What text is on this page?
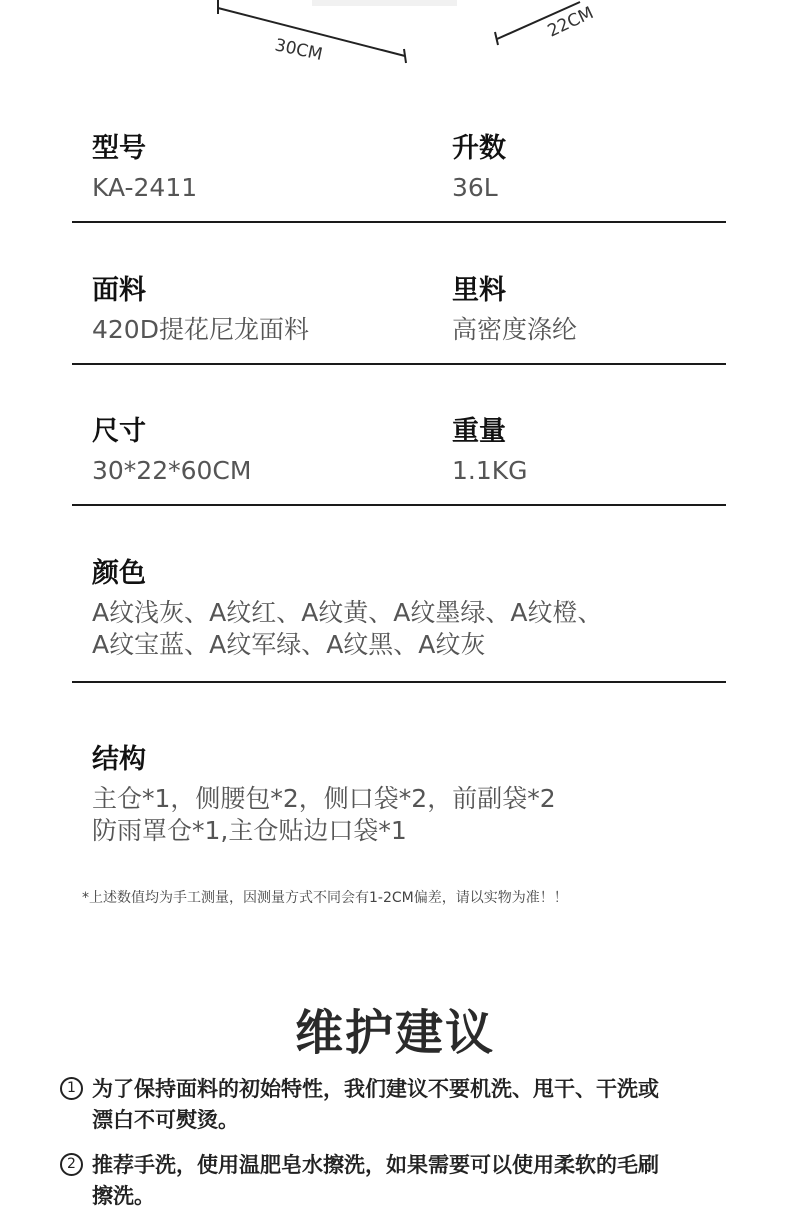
30CM
22CM
型号
KA-2411
升数
36L
面料
420D提花尼龙面料
里料
高密度涤纶
尺寸
30*22*60CM
重量
1.1KG
颜色
A纹浅灰、A纹红、A纹黄、A纹墨绿、A纹橙、
A纹宝蓝、A纹军绿、A纹黑、A纹灰
结构
主仓*1，侧腰包*2，侧口袋*2，前副袋*2
防雨罩仓*1,主仓贴边口袋*1
*上述数值均为手工测量，因测量方式不同会有1-2CM偏差，请以实物为准！！
维护建议
1 为了保持面料的初始特性，我们建议不要机洗、甩干、干洗或
漂白不可熨烫。
2 推荐手洗，使用温肥皂水擦洗，如果需要可以使用柔软的毛刷
擦洗。
